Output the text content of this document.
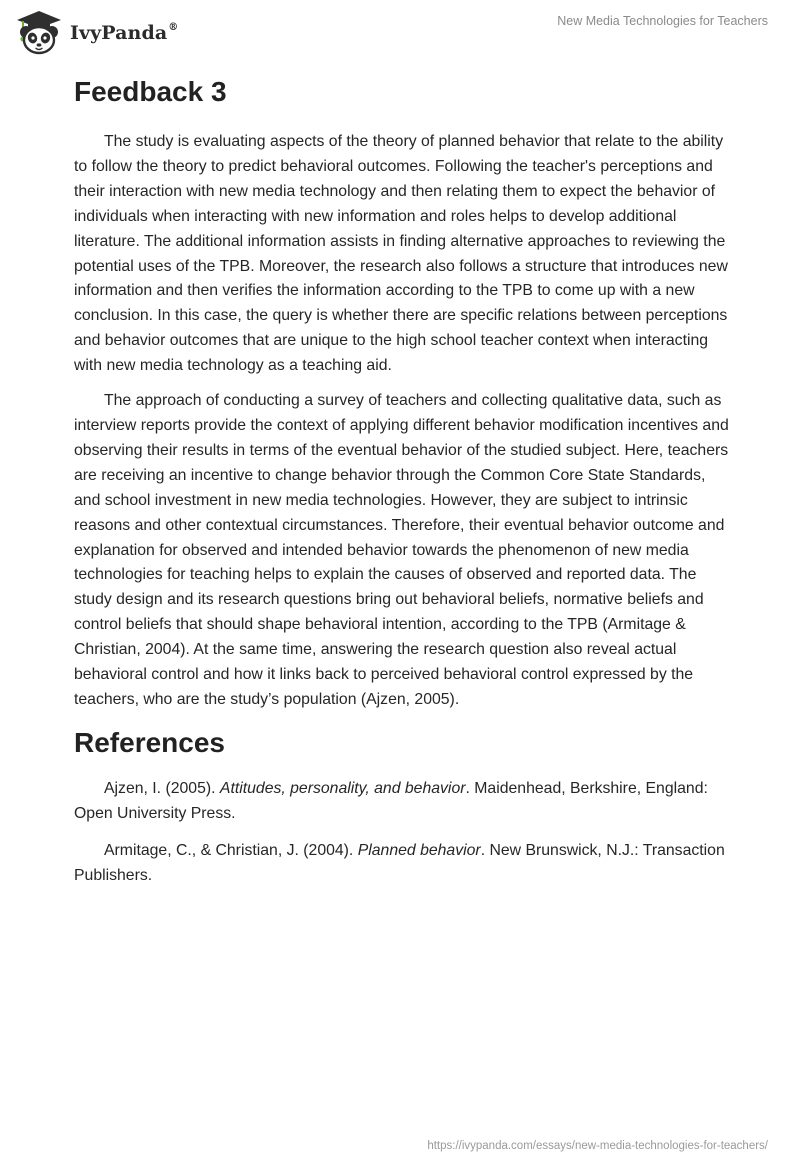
IvyPanda®	New Media Technologies for Teachers
Feedback 3

The study is evaluating aspects of the theory of planned behavior that relate to the ability to follow the theory to predict behavioral outcomes. Following the teacher's perceptions and their interaction with new media technology and then relating them to expect the behavior of individuals when interacting with new information and roles helps to develop additional literature. The additional information assists in finding alternative approaches to reviewing the potential uses of the TPB. Moreover, the research also follows a structure that introduces new information and then verifies the information according to the TPB to come up with a new conclusion. In this case, the query is whether there are specific relations between perceptions and behavior outcomes that are unique to the high school teacher context when interacting with new media technology as a teaching aid.

The approach of conducting a survey of teachers and collecting qualitative data, such as interview reports provide the context of applying different behavior modification incentives and observing their results in terms of the eventual behavior of the studied subject. Here, teachers are receiving an incentive to change behavior through the Common Core State Standards, and school investment in new media technologies. However, they are subject to intrinsic reasons and other contextual circumstances. Therefore, their eventual behavior outcome and explanation for observed and intended behavior towards the phenomenon of new media technologies for teaching helps to explain the causes of observed and reported data. The study design and its research questions bring out behavioral beliefs, normative beliefs and control beliefs that should shape behavioral intention, according to the TPB (Armitage & Christian, 2004). At the same time, answering the research question also reveal actual behavioral control and how it links back to perceived behavioral control expressed by the teachers, who are the study’s population (Ajzen, 2005).

References

Ajzen, I. (2005). Attitudes, personality, and behavior. Maidenhead, Berkshire, England: Open University Press.

Armitage, C., & Christian, J. (2004). Planned behavior. New Brunswick, N.J.: Transaction Publishers.

https://ivypanda.com/essays/new-media-technologies-for-teachers/
